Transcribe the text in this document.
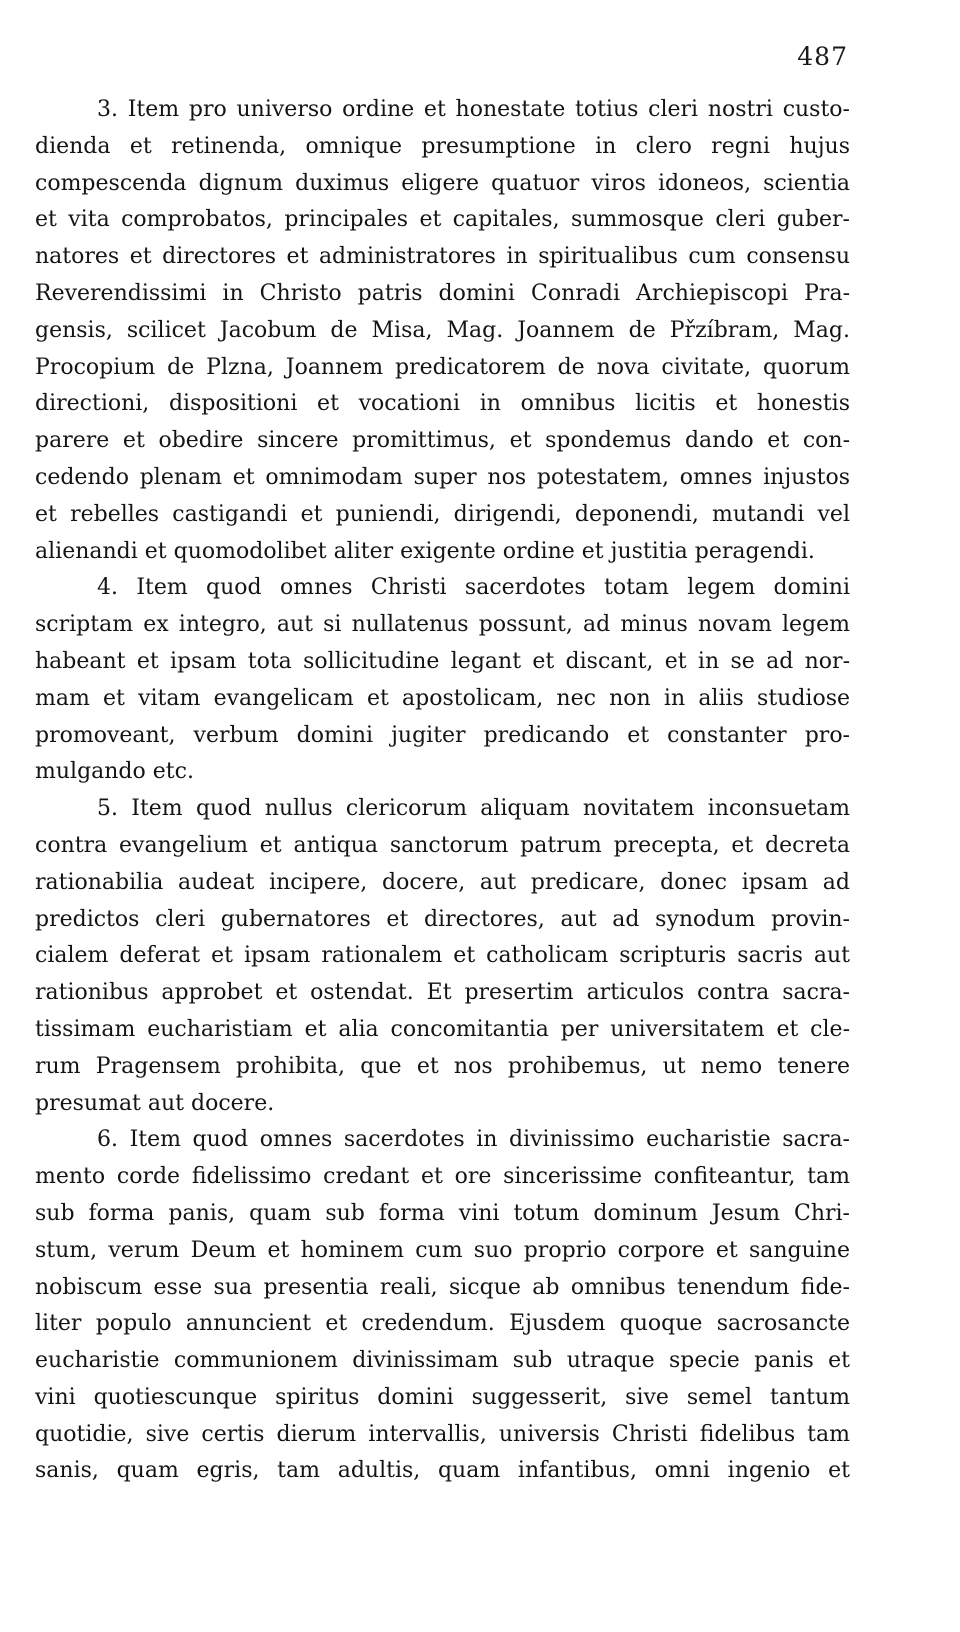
487
3. Item pro universo ordine et honestate totius cleri nostri custo-
dienda et retinenda, omnique presumptione in clero regni hujus
compescenda dignum duximus eligere quatuor viros idoneos, scientia
et vita comprobatos, principales et capitales, summosque cleri guber-
natores et directores et administratores in spiritualibus cum consensu
Reverendissimi in Christo patris domini Conradi Archiepiscopi Pra-
gensis, scilicet Jacobum de Misa, Mag. Joannem de Přzíbram, Mag.
Procopium de Plzna, Joannem predicatorem de nova civitate, quorum
directioni, dispositioni et vocationi in omnibus licitis et honestis
parere et obedire sincere promittimus, et spondemus dando et con-
cedendo plenam et omnimodam super nos potestatem, omnes injustos
et rebelles castigandi et puniendi, dirigendi, deponendi, mutandi vel
alienandi et quomodolibet aliter exigente ordine et justitia peragendi.
4. Item quod omnes Christi sacerdotes totam legem domini
scriptam ex integro, aut si nullatenus possunt, ad minus novam legem
habeant et ipsam tota sollicitudine legant et discant, et in se ad nor-
mam et vitam evangelicam et apostolicam, nec non in aliis studiose
promoveant, verbum domini jugiter predicando et constanter pro-
mulgando etc.
5. Item quod nullus clericorum aliquam novitatem inconsuetam
contra evangelium et antiqua sanctorum patrum precepta, et decreta
rationabilia audeat incipere, docere, aut predicare, donec ipsam ad
predictos cleri gubernatores et directores, aut ad synodum provin-
cialem deferat et ipsam rationalem et catholicam scripturis sacris aut
rationibus approbet et ostendat. Et presertim articulos contra sacra-
tissimam eucharistiam et alia concomitantia per universitatem et cle-
rum Pragensem prohibita, que et nos prohibemus, ut nemo tenere
presumat aut docere.
6. Item quod omnes sacerdotes in divinissimo eucharistie sacra-
mento corde fidelissimo credant et ore sincerissime confiteantur, tam
sub forma panis, quam sub forma vini totum dominum Jesum Chri-
stum, verum Deum et hominem cum suo proprio corpore et sanguine
nobiscum esse sua presentia reali, sicque ab omnibus tenendum fide-
liter populo annuncient et credendum. Ejusdem quoque sacrosancte
eucharistie communionem divinissimam sub utraque specie panis et
vini quotiescunque spiritus domini suggesserit, sive semel tantum
quotidie, sive certis dierum intervallis, universis Christi fidelibus tam
sanis, quam egris, tam adultis, quam infantibus, omni ingenio et
